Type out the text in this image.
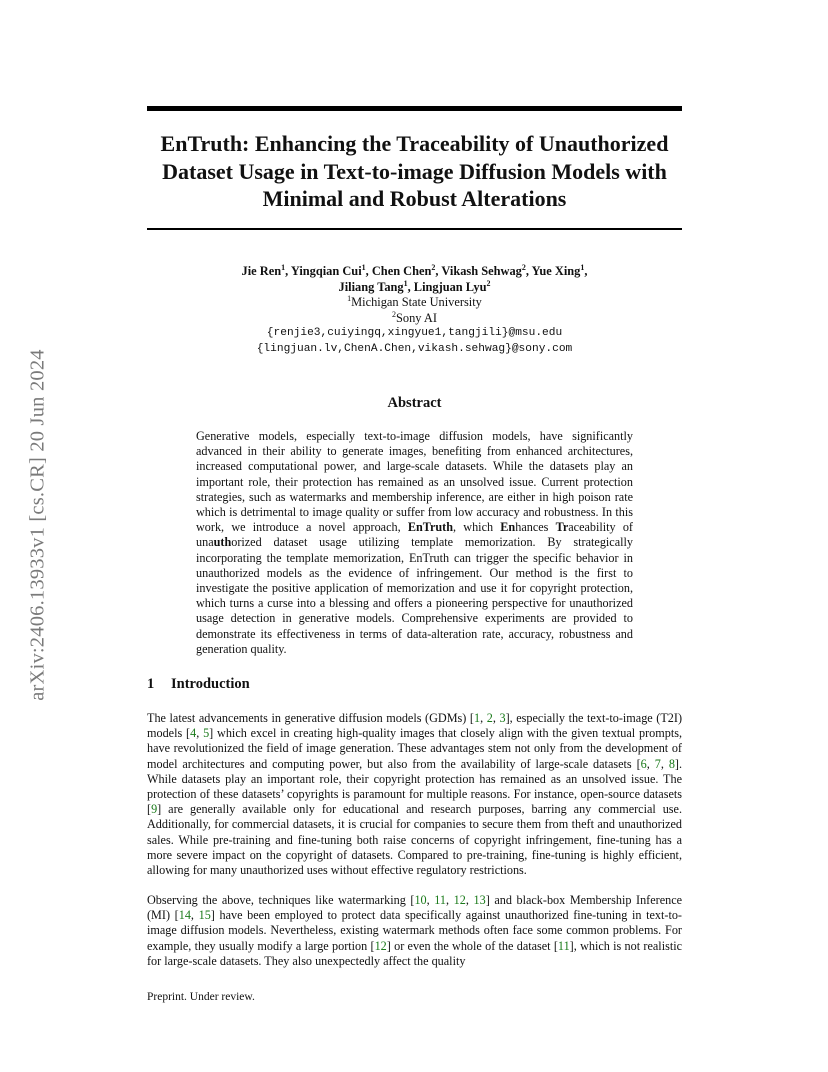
arXiv:2406.13933v1 [cs.CR] 20 Jun 2024
EnTruth: Enhancing the Traceability of Unauthorized Dataset Usage in Text-to-image Diffusion Models with Minimal and Robust Alterations
Jie Ren$^1$, Yingqian Cui$^1$, Chen Chen$^2$, Vikash Sehwag$^2$, Yue Xing$^1$,
Jiliang Tang$^1$, Lingjuan Lyu$^2$
$^1$Michigan State University
$^2$Sony AI
{renjie3,cuiyingq,xingyue1,tangjili}@msu.edu
{lingjuan.lv,ChenA.Chen,vikash.sehwag}@sony.com
Abstract

Generative models, especially text-to-image diffusion models, have significantly advanced in their ability to generate images, benefiting from enhanced architectures, increased computational power, and large-scale datasets. While the datasets play an important role, their protection has remained as an unsolved issue. Current protection strategies, such as watermarks and membership inference, are either in high poison rate which is detrimental to image quality or suffer from low accuracy and robustness. In this work, we introduce a novel approach, EnTruth, which Enhances Traceability of unauthorized dataset usage utilizing template memorization. By strategically incorporating the template memorization, EnTruth can trigger the specific behavior in unauthorized models as the evidence of infringement. Our method is the first to investigate the positive application of memorization and use it for copyright protection, which turns a curse into a blessing and offers a pioneering perspective for unauthorized usage detection in generative models. Comprehensive experiments are provided to demonstrate its effectiveness in terms of data-alteration rate, accuracy, robustness and generation quality.

1 Introduction

The latest advancements in generative diffusion models (GDMs) [1, 2, 3], especially the text-to-image (T2I) models [4, 5] which excel in creating high-quality images that closely align with the given textual prompts, have revolutionized the field of image generation. These advantages stem not only from the development of model architectures and computing power, but also from the availability of large-scale datasets [6, 7, 8]. While datasets play an important role, their copyright protection has remained as an unsolved issue. The protection of these datasets’ copyrights is paramount for multiple reasons. For instance, open-source datasets [9] are generally available only for educational and research purposes, barring any commercial use. Additionally, for commercial datasets, it is crucial for companies to secure them from theft and unauthorized sales. While pre-training and fine-tuning both raise concerns of copyright infringement, fine-tuning has a more severe impact on the copyright of datasets. Compared to pre-training, fine-tuning is highly efficient, allowing for many unauthorized uses without effective regulatory restrictions.

Observing the above, techniques like watermarking [10, 11, 12, 13] and black-box Membership Inference (MI) [14, 15] have been employed to protect data specifically against unauthorized fine-tuning in text-to-image diffusion models. Nevertheless, existing watermark methods often face some common problems. For example, they usually modify a large portion [12] or even the whole of the dataset [11], which is not realistic for large-scale datasets. They also unexpectedly affect the quality

Preprint. Under review.
